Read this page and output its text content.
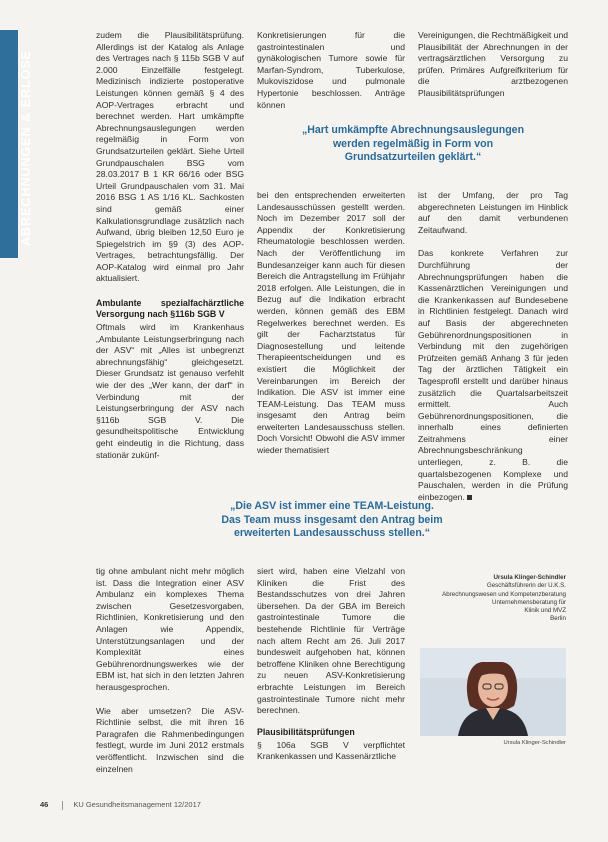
ABRECHNUNGEN & ERLÖSE

zudem die Plausibilitätsprüfung. Allerdings ist der Katalog als Anlage des Vertrages nach § 115b SGB V auf 2.000 Einzelfälle festgelegt. Medizinisch indizierte postoperative Leistungen können gemäß § 4 des AOP-Vertrages erbracht und berechnet werden. Hart umkämpfte Abrechnungsauslegungen werden regelmäßig in Form von Grundsatzurteilen geklärt. Siehe Urteil Grundpauschalen BSG vom 28.03.2017 B 1 KR 66/16 oder BSG Urteil Grundpauschalen vom 31. Mai 2016 BSG 1 AS 1/16 KL. Sachkosten sind gemäß einer Kalkulationsgrundlage zusätzlich nach Aufwand, übrig bleiben 12,50 Euro je Spiegelstrich im §9 (3) des AOP-Vertrages, betrachtungsfällig. Der AOP-Katalog wird einmal pro Jahr aktualisiert.

Ambulante spezialfachärztliche Versorgung nach §116b SGB V

Oftmals wird im Krankenhaus „Ambulante Leistungserbringung nach der ASV“ mit „Alles ist unbegrenzt abrechnungsfähig“ gleichgesetzt. Dieser Grundsatz ist genauso verfehlt wie der des „Wer kann, der darf“ in Verbindung mit der Leistungserbringung der ASV nach §116b SGB V. Die gesundheitspolitische Entwicklung geht eindeutig in die Richtung, dass stationär zukünf-

Konkretisierungen für die gastrointestinalen und gynäkologischen Tumore sowie für Marfan-Syndrom, Tuberkulose, Mukoviszidose und pulmonale Hypertonie beschlossen. Anträge können

Vereinigungen, die Rechtmäßigkeit und Plausibilität der Abrechnungen in der vertragsärztlichen Versorgung zu prüfen. Primäres Aufgreifkriterium für die arztbezogenen Plausibilitätsprüfungen

„Hart umkämpfte Abrechnungsauslegungen
werden regelmäßig in Form von
Grundsatzurteilen geklärt.“

bei den entsprechenden erweiterten Landesausschüssen gestellt werden. Noch im Dezember 2017 soll der Appendix der Konkretisierung Rheumatologie beschlossen werden. Nach der Veröffentlichung im Bundesanzeiger kann auch für diesen Bereich die Antragstellung im Frühjahr 2018 erfolgen. Alle Leistungen, die in Bezug auf die Indikation erbracht werden, können gemäß des EBM Regelwerkes berechnet werden. Es gilt der Facharztstatus für Diagnosestellung und leitende Therapieentscheidungen und es existiert die Möglichkeit der Vereinbarungen im Bereich der Indikation. Die ASV ist immer eine TEAM-Leistung. Das TEAM muss insgesamt den Antrag beim erweiterten Landesausschuss stellen. Doch Vorsicht! Obwohl die ASV immer wieder thematisiert

ist der Umfang, der pro Tag abgerechneten Leistungen im Hinblick auf den damit verbundenen Zeitaufwand.

Das konkrete Verfahren zur Durchführung der Abrechnungsprüfungen haben die Kassenärztlichen Vereinigungen und die Krankenkassen auf Bundesebene in Richtlinien festgelegt. Danach wird auf Basis der abgerechneten Gebührenordnungspositionen in Verbindung mit den zugehörigen Prüfzeiten gemäß Anhang 3 für jeden Tag der ärztlichen Tätigkeit ein Tagesprofil erstellt und darüber hinaus zusätzlich die Quartalsarbeitszeit ermittelt. Auch Gebührenordnungspositionen, die innerhalb eines definierten Zeitrahmens einer Abrechnungsbeschränkung unterliegen, z. B. die quartalsbezogenen Komplexe und Pauschalen, werden in die Prüfung einbezogen.

„Die ASV ist immer eine TEAM-Leistung.
Das Team muss insgesamt den Antrag beim
erweiterten Landesausschuss stellen.“

tig ohne ambulant nicht mehr möglich ist. Dass die Integration einer ASV Ambulanz ein komplexes Thema zwischen Gesetzesvorgaben, Richtlinien, Konkretisierung und den Anlagen wie Appendix, Unterstützungsanlagen und der Komplexität eines Gebührenordnungswerkes wie der EBM ist, hat sich in den letzten Jahren herausgesprochen.

Wie aber umsetzen? Die ASV-Richtlinie selbst, die mit ihren 16 Paragrafen die Rahmenbedingungen festlegt, wurde im Juni 2012 erstmals veröffentlicht. Inzwischen sind die einzelnen

siert wird, haben eine Vielzahl von Kliniken die Frist des Bestandsschutzes von drei Jahren übersehen. Da der GBA im Bereich gastrointestinale Tumore die bestehende Richtlinie für Verträge nach altem Recht am 26. Juli 2017 bundesweit aufgehoben hat, können betroffene Kliniken ohne Berechtigung zu neuen ASV-Konkretisierung erbrachte Leistungen im Bereich gastrointestinale Tumore nicht mehr berechnen.

Plausibilitätsprüfungen

§ 106a SGB V verpflichtet Krankenkassen und Kassenärztliche

Ursula Klinger-Schindler
Geschäftsführerin der U.K.S.
Abrechnungswesen und Kompetenzberatung
Unternehmensberatung für
Klinik und MVZ
Berlin
Ursula Klinger-Schindler
46	KU Gesundheitsmanagement 12/2017
